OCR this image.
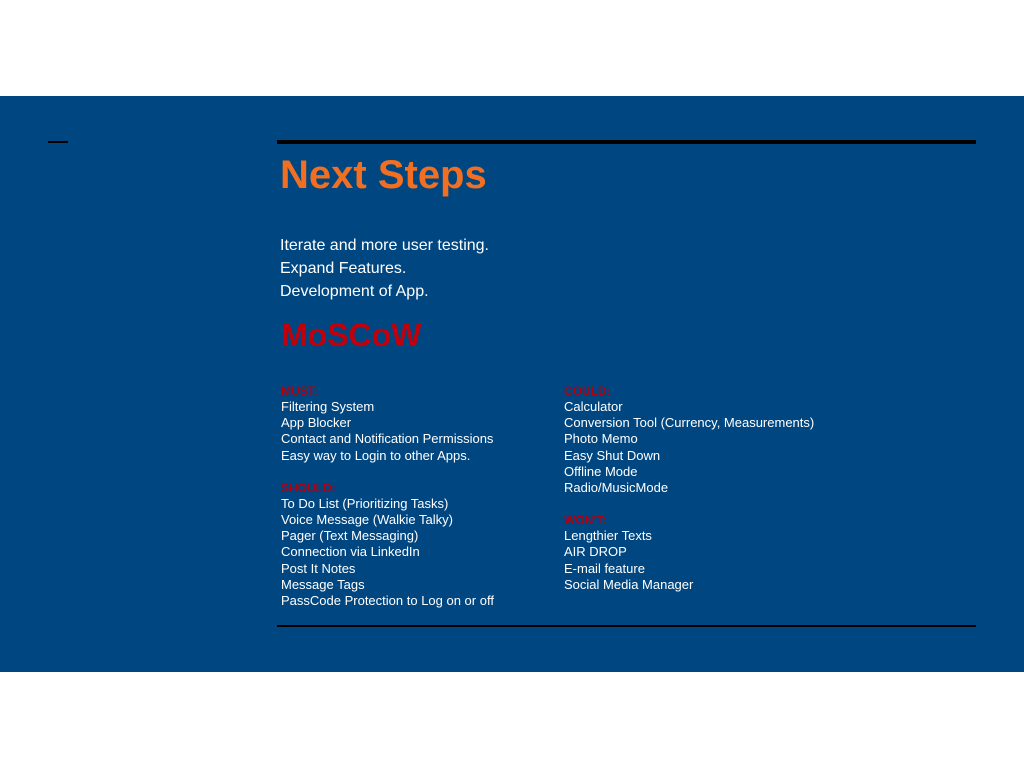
Next Steps
Iterate and more user testing.
Expand Features.
Development of App.
MoSCoW
MUST:
Filtering System
App Blocker
Contact and Notification Permissions
Easy way to Login to other Apps.
SHOULD:
To Do List (Prioritizing Tasks)
Voice Message (Walkie Talky)
Pager (Text Messaging)
Connection via LinkedIn
Post It Notes
Message Tags
PassCode Protection to Log on or off
COULD:
Calculator
Conversion Tool (Currency, Measurements)
Photo Memo
Easy Shut Down
Offline Mode
Radio/MusicMode
WON'T:
Lengthier Texts
AIR DROP
E-mail feature
Social Media Manager
